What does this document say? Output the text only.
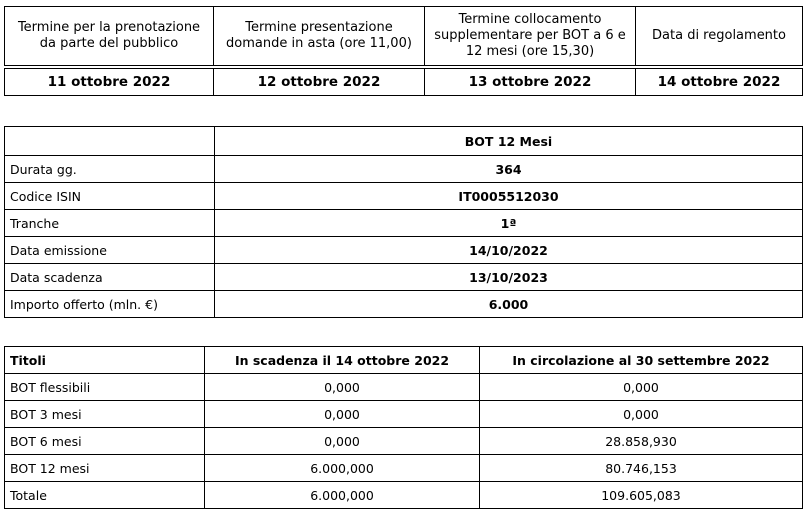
Termine per la prenotazione da parte del pubblico	Termine presentazione domande in asta (ore 11,00)	Termine collocamento supplementare per BOT a 6 e 12 mesi (ore 15,30)	Data di regolamento

11 ottobre 2022	12 ottobre 2022	13 ottobre 2022	14 ottobre 2022
	BOT 12 Mesi
Durata gg.	364
Codice ISIN	IT0005512030
Tranche	1ª
Data emissione	14/10/2022
Data scadenza	13/10/2023
Importo offerto (mln. €)	6.000
Titoli	In scadenza il 14 ottobre 2022	In circolazione al 30 settembre 2022
BOT flessibili	0,000	0,000
BOT 3 mesi	0,000	0,000
BOT 6 mesi	0,000	28.858,930
BOT 12 mesi	6.000,000	80.746,153
Totale	6.000,000	109.605,083
